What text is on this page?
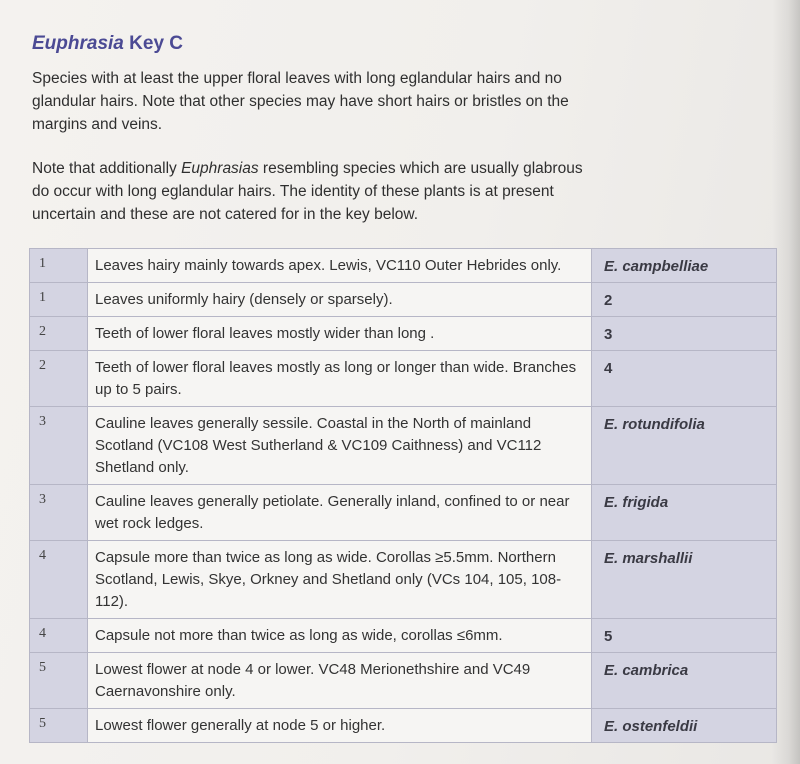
Euphrasia Key C
Species with at least the upper floral leaves with long eglandular hairs and no glandular hairs. Note that other species may have short hairs or bristles on the margins and veins.
Note that additionally Euphrasias resembling species which are usually glabrous do occur with long eglandular hairs. The identity of these plants is at present uncertain and these are not catered for in the key below.
1	Leaves hairy mainly towards apex. Lewis, VC110 Outer Hebrides only.	E. campbelliae
1	Leaves uniformly hairy (densely or sparsely).	2
2	Teeth of lower floral leaves mostly wider than long .	3
2	Teeth of lower floral leaves mostly as long or longer than wide. Branches up to 5 pairs.	4
3	Cauline leaves generally sessile. Coastal in the North of mainland Scotland (VC108 West Sutherland & VC109 Caithness) and VC112 Shetland only.	E. rotundifolia
3	Cauline leaves generally petiolate. Generally inland, confined to or near wet rock ledges.	E. frigida
4	Capsule more than twice as long as wide. Corollas ≥5.5mm. Northern Scotland, Lewis, Skye, Orkney and Shetland only (VCs 104, 105, 108-112).	E. marshallii
4	Capsule not more than twice as long as wide, corollas ≤6mm.	5
5	Lowest flower at node 4 or lower. VC48 Merionethshire and VC49 Caernavonshire only.	E. cambrica
5	Lowest flower generally at node 5 or higher.	E. ostenfeldii
